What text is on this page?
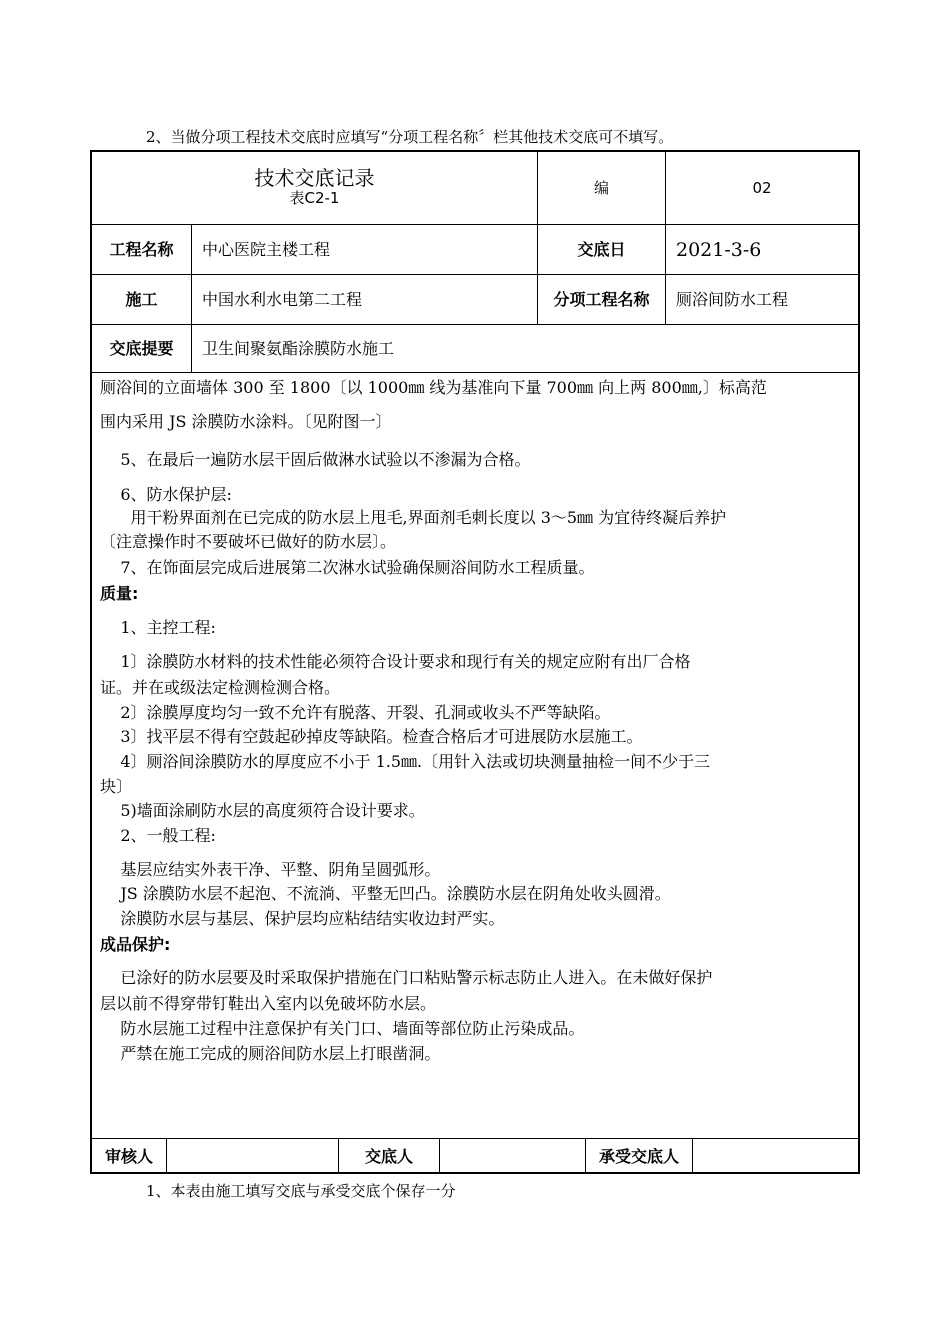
2、当做分项工程技术交底时应填写“分项工程名称〞栏其他技术交底可不填写。
技术交底记录
表C2-1
编	02
工程名称	中心医院主楼工程	交底日	2021-3-6
施工	中国水利水电第二工程	分项工程名称	厕浴间防水工程
交底提要	卫生间聚氨酯涂膜防水施工
厕浴间的立面墙体 300 至 1800〔以 1000㎜ 线为基准向下量 700㎜ 向上两 800㎜,〕标高范
围内采用 JS 涂膜防水涂料。〔见附图一〕
5、在最后一遍防水层干固后做淋水试验以不渗漏为合格。
6、防水保护层:
用干粉界面剂在已完成的防水层上甩毛,界面剂毛刺长度以 3～5㎜ 为宜待终凝后养护
〔注意操作时不要破坏已做好的防水层〕。
7、在饰面层完成后进展第二次淋水试验确保厕浴间防水工程质量。
质量:
1、主控工程:
1〕涂膜防水材料的技术性能必须符合设计要求和现行有关的规定应附有出厂合格
证。并在或级法定检测检测合格。
2〕涂膜厚度均匀一致不允许有脱落、开裂、孔洞或收头不严等缺陷。
3〕找平层不得有空鼓起砂掉皮等缺陷。检查合格后才可进展防水层施工。
4〕厕浴间涂膜防水的厚度应不小于 1.5㎜.〔用针入法或切块测量抽检一间不少于三
块〕
5)墙面涂刷防水层的高度须符合设计要求。
2、一般工程:
基层应结实外表干净、平整、阴角呈圆弧形。
JS 涂膜防水层不起泡、不流淌、平整无凹凸。涂膜防水层在阴角处收头圆滑。
涂膜防水层与基层、保护层均应粘结结实收边封严实。
成品保护:
已涂好的防水层要及时采取保护措施在门口粘贴警示标志防止人进入。在未做好保护
层以前不得穿带钉鞋出入室内以免破坏防水层。
防水层施工过程中注意保护有关门口、墙面等部位防止污染成品。
严禁在施工完成的厕浴间防水层上打眼凿洞。
审核人	交底人	承受交底人
1、本表由施工填写交底与承受交底个保存一分
